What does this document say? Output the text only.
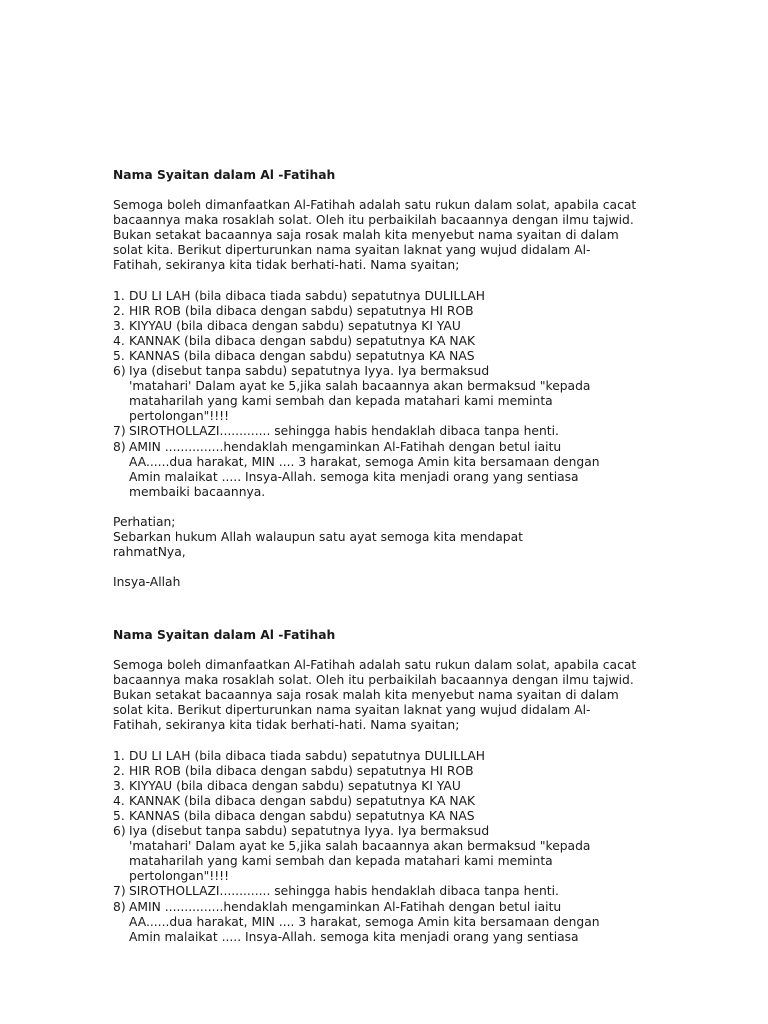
Nama Syaitan dalam Al -Fatihah

Semoga boleh dimanfaatkan Al-Fatihah adalah satu rukun dalam solat, apabila cacat
bacaannya maka rosaklah solat. Oleh itu perbaikilah bacaannya dengan ilmu tajwid.
Bukan setakat bacaannya saja rosak malah kita menyebut nama syaitan di dalam
solat kita. Berikut diperturunkan nama syaitan laknat yang wujud didalam Al-
Fatihah, sekiranya kita tidak berhati-hati. Nama syaitan;
1. DU LI LAH (bila dibaca tiada sabdu) sepatutnya DULILLAH
2. HIR ROB (bila dibaca dengan sabdu) sepatutnya HI ROB
3. KIYYAU (bila dibaca dengan sabdu) sepatutnya KI YAU
4. KANNAK (bila dibaca dengan sabdu) sepatutnya KA NAK
5. KANNAS (bila dibaca dengan sabdu) sepatutnya KA NAS
6) Iya (disebut tanpa sabdu) sepatutnya Iyya. Iya bermaksud
'matahari' Dalam ayat ke 5,jika salah bacaannya akan bermaksud "kepada
mataharilah yang kami sembah dan kepada matahari kami meminta
pertolongan"!!!!
7) SIROTHOLLAZI............. sehingga habis hendaklah dibaca tanpa henti.
8) AMIN ...............hendaklah mengaminkan Al-Fatihah dengan betul iaitu
AA......dua harakat, MIN .... 3 harakat, semoga Amin kita bersamaan dengan
Amin malaikat ..... Insya-Allah. semoga kita menjadi orang yang sentiasa
membaiki bacaannya.
Perhatian;
Sebarkan hukum Allah walaupun satu ayat semoga kita mendapat
rahmatNya,
Insya-Allah

Nama Syaitan dalam Al -Fatihah

Semoga boleh dimanfaatkan Al-Fatihah adalah satu rukun dalam solat, apabila cacat
bacaannya maka rosaklah solat. Oleh itu perbaikilah bacaannya dengan ilmu tajwid.
Bukan setakat bacaannya saja rosak malah kita menyebut nama syaitan di dalam
solat kita. Berikut diperturunkan nama syaitan laknat yang wujud didalam Al-
Fatihah, sekiranya kita tidak berhati-hati. Nama syaitan;
1. DU LI LAH (bila dibaca tiada sabdu) sepatutnya DULILLAH
2. HIR ROB (bila dibaca dengan sabdu) sepatutnya HI ROB
3. KIYYAU (bila dibaca dengan sabdu) sepatutnya KI YAU
4. KANNAK (bila dibaca dengan sabdu) sepatutnya KA NAK
5. KANNAS (bila dibaca dengan sabdu) sepatutnya KA NAS
6) Iya (disebut tanpa sabdu) sepatutnya Iyya. Iya bermaksud
'matahari' Dalam ayat ke 5,jika salah bacaannya akan bermaksud "kepada
mataharilah yang kami sembah dan kepada matahari kami meminta
pertolongan"!!!!
7) SIROTHOLLAZI............. sehingga habis hendaklah dibaca tanpa henti.
8) AMIN ...............hendaklah mengaminkan Al-Fatihah dengan betul iaitu
AA......dua harakat, MIN .... 3 harakat, semoga Amin kita bersamaan dengan
Amin malaikat ..... Insya-Allah. semoga kita menjadi orang yang sentiasa
